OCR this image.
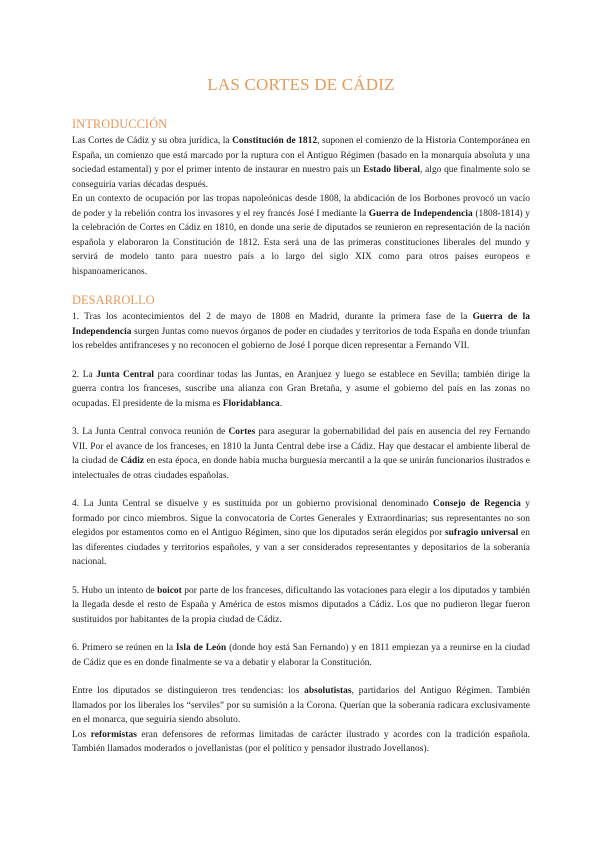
LAS CORTES DE CÁDIZ
INTRODUCCIÓN

Las Cortes de Cádiz y su obra jurídica, la Constitución de 1812, suponen el comienzo de la Historia Contemporánea en España, un comienzo que está marcado por la ruptura con el Antiguo Régimen (basado en la monarquía absoluta y una sociedad estamental) y por el primer intento de instaurar en nuestro país un Estado liberal, algo que finalmente solo se conseguiría varias décadas después.

En un contexto de ocupación por las tropas napoleónicas desde 1808, la abdicación de los Borbones provocó un vacío de poder y la rebelión contra los invasores y el rey francés José I mediante la Guerra de Independencia (1808-1814) y la celebración de Cortes en Cádiz en 1810, en donde una serie de diputados se reunieron en representación de la nación española y elaboraron la Constitución de 1812. Esta será una de las primeras constituciones liberales del mundo y servirá de modelo tanto para nuestro país a lo largo del siglo XIX como para otros países europeos e hispanoamericanos.

DESARROLLO

1. Tras los acontecimientos del 2 de mayo de 1808 en Madrid, durante la primera fase de la Guerra de la Independencia surgen Juntas como nuevos órganos de poder en ciudades y territorios de toda España en donde triunfan los rebeldes antifranceses y no reconocen el gobierno de José I porque dicen representar a Fernando VII.

2. La Junta Central para coordinar todas las Juntas, en Aranjuez y luego se establece en Sevilla; también dirige la guerra contra los franceses, suscribe una alianza con Gran Bretaña, y asume el gobierno del país en las zonas no ocupadas. El presidente de la misma es Floridablanca.

3. La Junta Central convoca reunión de Cortes para asegurar la gobernabilidad del país en ausencia del rey Fernando VII. Por el avance de los franceses, en 1810 la Junta Central debe irse a Cádiz. Hay que destacar el ambiente liberal de la ciudad de Cádiz en esta época, en donde había mucha burguesía mercantil a la que se unirán funcionarios ilustrados e intelectuales de otras ciudades españolas.

4. La Junta Central se disuelve y es sustituida por un gobierno provisional denominado Consejo de Regencia y formado por cinco miembros. Sigue la convocatoria de Cortes Generales y Extraordinarias; sus representantes no son elegidos por estamentos como en el Antiguo Régimen, sino que los diputados serán elegidos por sufragio universal en las diferentes ciudades y territorios españoles, y van a ser considerados representantes y depositarios de la soberanía nacional.

5. Hubo un intento de boicot por parte de los franceses, dificultando las votaciones para elegir a los diputados y también la llegada desde el resto de España y América de estos mismos diputados a Cádiz. Los que no pudieron llegar fueron sustituidos por habitantes de la propia ciudad de Cádiz.

6. Primero se reúnen en la Isla de León (donde hoy está San Fernando) y en 1811 empiezan ya a reunirse en la ciudad de Cádiz que es en donde finalmente se va a debatir y elaborar la Constitución.

Entre los diputados se distinguieron tres tendencias: los absolutistas, partidarios del Antiguo Régimen. También llamados por los liberales los “serviles” por su sumisión a la Corona. Querían que la soberanía radicara exclusivamente en el monarca, que seguiría siendo absoluto.

Los reformistas eran defensores de reformas limitadas de carácter ilustrado y acordes con la tradición española. También llamados moderados o jovellanistas (por el político y pensador ilustrado Jovellanos).
